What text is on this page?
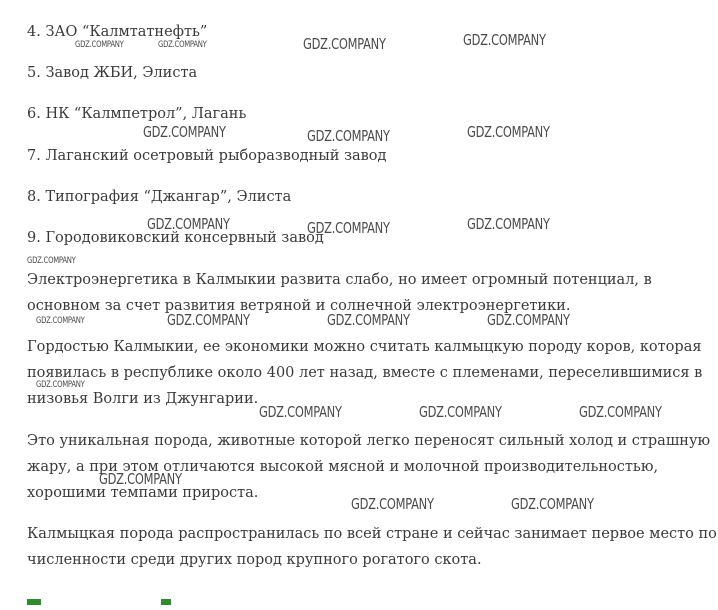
4. ЗАО “Калмтатнефть”
5. Завод ЖБИ, Элиста
6. НК “Калмпетрол”, Лагань
7. Лаганский осетровый рыборазводный завод
8. Типография “Джангар”, Элиста
9. Городовиковский консервный завод
Электроэнергетика в Калмыкии развита слабо, но имеет огромный потенциал, в
основном за счет развития ветряной и солнечной электроэнергетики.
Гордостью Калмыкии, ее экономики можно считать калмыцкую породу коров, которая
появилась в республике около 400 лет назад, вместе с племенами, переселившимися в
низовья Волги из Джунгарии.
Это уникальная порода, животные которой легко переносят сильный холод и страшную
жару, а при этом отличаются высокой мясной и молочной производительностью,
хорошими темпами прироста.
Калмыцкая порода распространилась по всей стране и сейчас занимает первое место по
численности среди других пород крупного рогатого скота.
GDZ.COMPANY	GDZ.COMPANY
GDZ.COMPANY
GDZ.COMPANY
GDZ.COMPANY
GDZ.COMPANY	GDZ.COMPANY
GDZ.COMPANY	GDZ.COMPANY	GDZ.COMPANY
GDZ.COMPANY	GDZ.COMPANY	GDZ.COMPANY
GDZ.COMPANY	GDZ.COMPANY	GDZ.COMPANY
GDZ.COMPANY	GDZ.COMPANY	GDZ.COMPANY
GDZ.COMPANY
GDZ.COMPANY	GDZ.COMPANY
